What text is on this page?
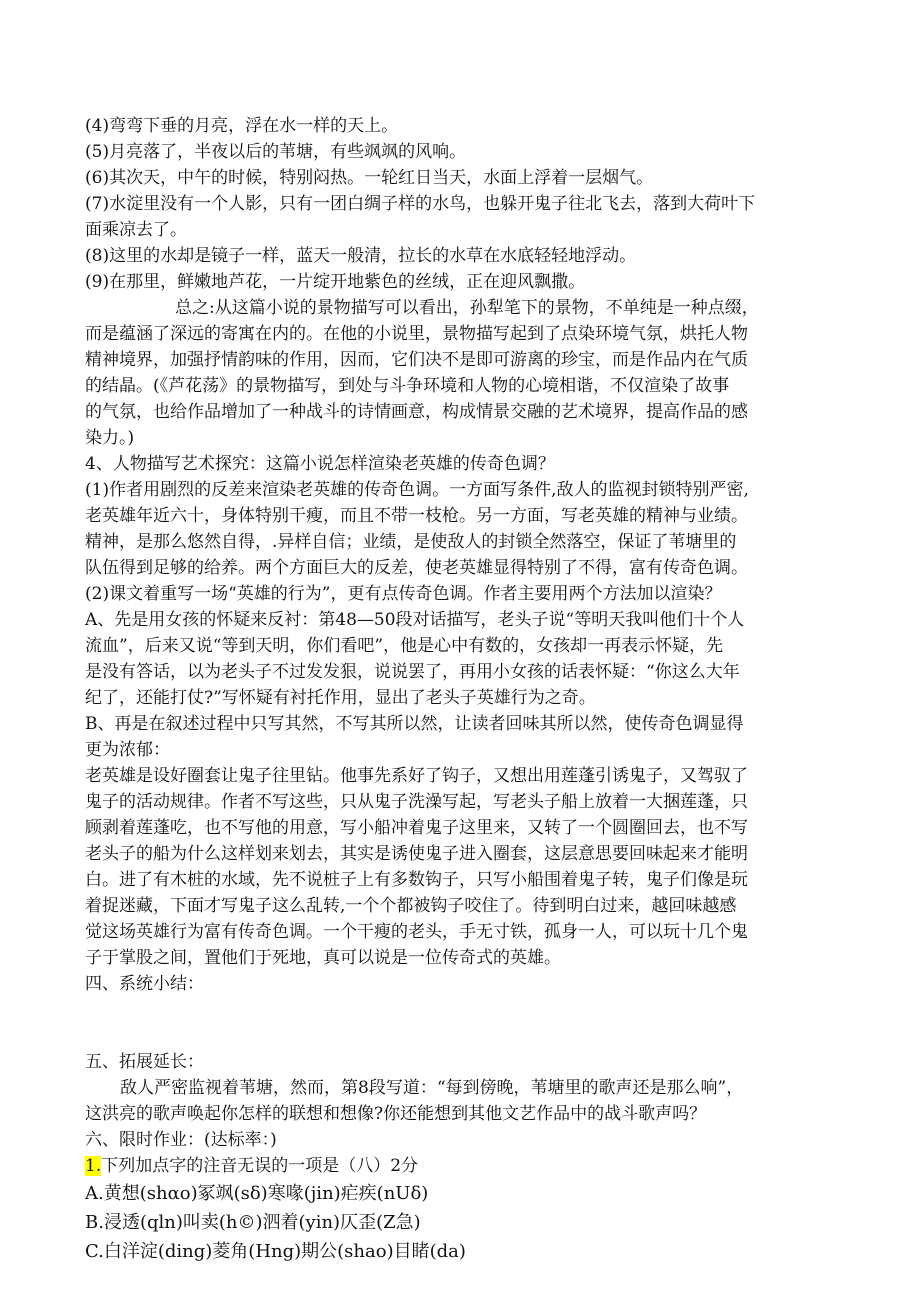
(4)弯弯下垂的月亮，浮在水一样的天上。
(5)月亮落了，半夜以后的苇塘，有些飒飒的风响。
(6)其次天，中午的时候，特别闷热。一轮红日当天，水面上浮着一层烟气。
(7)水淀里没有一个人影，只有一团白绸子样的水鸟，也躲开鬼子往北飞去，落到大荷叶下
面乘凉去了。
(8)这里的水却是镜子一样，蓝天一般清，拉长的水草在水底轻轻地浮动。
(9)在那里，鲜嫩地芦花，一片绽开地紫色的丝绒，正在迎风飘撒。
总之:从这篇小说的景物描写可以看出，孙犁笔下的景物，不单纯是一种点缀，
而是蕴涵了深远的寄寓在内的。在他的小说里，景物描写起到了点染环境气氛，烘托人物
精神境界，加强抒情韵味的作用，因而，它们决不是即可游离的珍宝，而是作品内在气质
的结晶。(《芦花荡》的景物描写，到处与斗争环境和人物的心境相谐，不仅渲染了故事
的气氛，也给作品增加了一种战斗的诗情画意，构成情景交融的艺术境界，提高作品的感
染力。)
4、人物描写艺术探究：这篇小说怎样渲染老英雄的传奇色调？
(1)作者用剧烈的反差来渲染老英雄的传奇色调。一方面写条件,敌人的监视封锁特别严密,
老英雄年近六十，身体特别干瘦，而且不带一枝枪。另一方面，写老英雄的精神与业绩。
精神，是那么悠然自得，.异样自信；业绩，是使敌人的封锁全然落空，保证了苇塘里的
队伍得到足够的给养。两个方面巨大的反差，使老英雄显得特别了不得，富有传奇色调。
(2)课文着重写一场“英雄的行为”，更有点传奇色调。作者主要用两个方法加以渲染？
A、先是用女孩的怀疑来反衬：第48—50段对话描写，老头子说“等明天我叫他们十个人
流血”，后来又说“等到天明，你们看吧”，他是心中有数的，女孩却一再表示怀疑，先
是没有答话，以为老头子不过发发狠，说说罢了，再用小女孩的话表怀疑：“你这么大年
纪了，还能打仗?”写怀疑有衬托作用，显出了老头子英雄行为之奇。
B、再是在叙述过程中只写其然，不写其所以然，让读者回味其所以然，使传奇色调显得
更为浓郁：
老英雄是设好圈套让鬼子往里钻。他事先系好了钩子，又想出用莲蓬引诱鬼子，又驾驭了
鬼子的活动规律。作者不写这些，只从鬼子洗澡写起，写老头子船上放着一大捆莲蓬，只
顾剥着莲蓬吃，也不写他的用意，写小船冲着鬼子这里来，又转了一个圆圈回去，也不写
老头子的船为什么这样划来划去，其实是诱使鬼子进入圈套，这层意思要回味起来才能明
白。进了有木桩的水域，先不说桩子上有多数钩子，只写小船围着鬼子转，鬼子们像是玩
着捉迷藏，下面才写鬼子这么乱转,一个个都被钩子咬住了。待到明白过来，越回味越感
觉这场英雄行为富有传奇色调。一个干瘦的老头，手无寸铁，孤身一人，可以玩十几个鬼
子于掌股之间，置他们于死地，真可以说是一位传奇式的英雄。
四、系统小结：
五、拓展延长：
敌人严密监视着苇塘，然而，第8段写道：“每到傍晚，苇塘里的歌声还是那么响”，
这洪亮的歌声唤起你怎样的联想和想像?你还能想到其他文艺作品中的战斗歌声吗？
六、限时作业：(达标率：)
1.下列加点字的注音无误的一项是（八）2分
A.黄想(shαo)冢飒(sδ)寒喙(jin)疟疾(nUδ)
B.浸透(qln)叫卖(h©)泗着(yin)仄歪(Z急)
C.白洋淀(ding)菱角(Hng)期公(shao)目睹(da)
